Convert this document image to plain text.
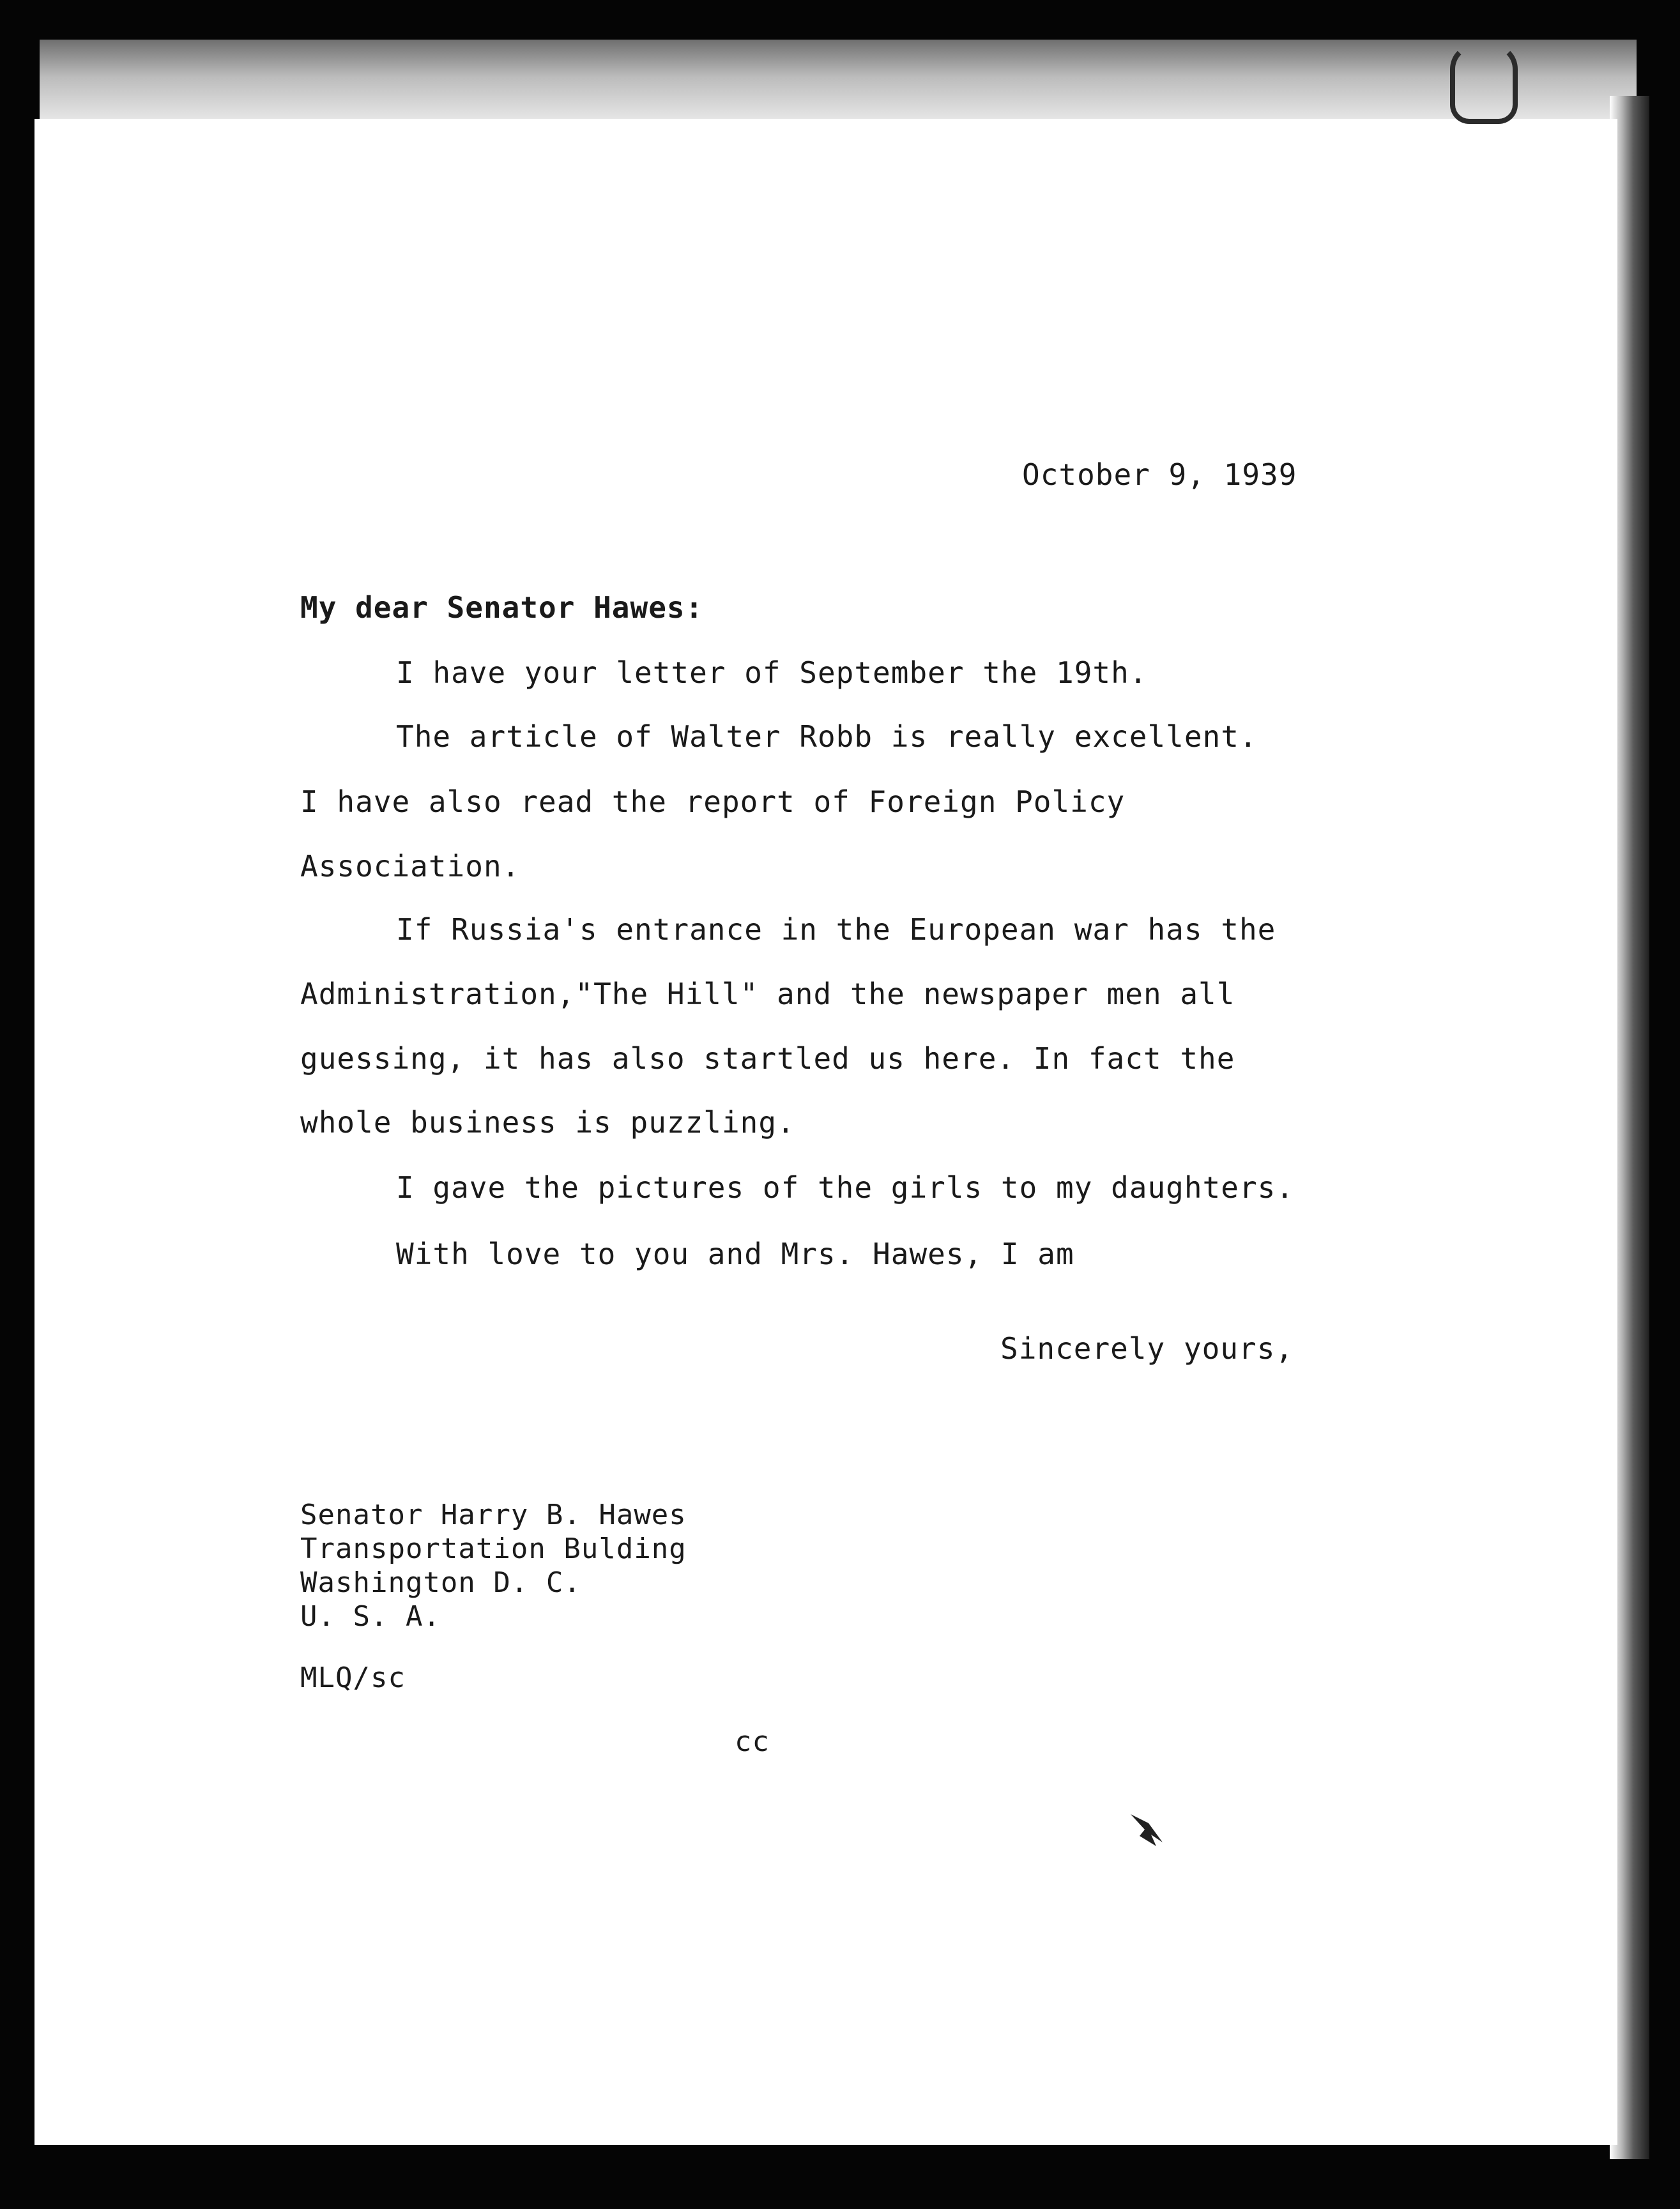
October 9, 1939
My dear Senator Hawes:
I have your letter of September the 19th.
The article of Walter Robb is really excellent.
I have also read the report of Foreign Policy
Association.
If Russia's entrance in the European war has the
Administration,"The Hill" and the newspaper men all
guessing, it has also startled us here. In fact the
whole business is puzzling.
I gave the pictures of the girls to my daughters.
With love to you and Mrs. Hawes, I am
Sincerely yours,
Senator Harry B. Hawes
Transportation Bulding
Washington D. C.
U. S. A.
MLQ/sc
cc
